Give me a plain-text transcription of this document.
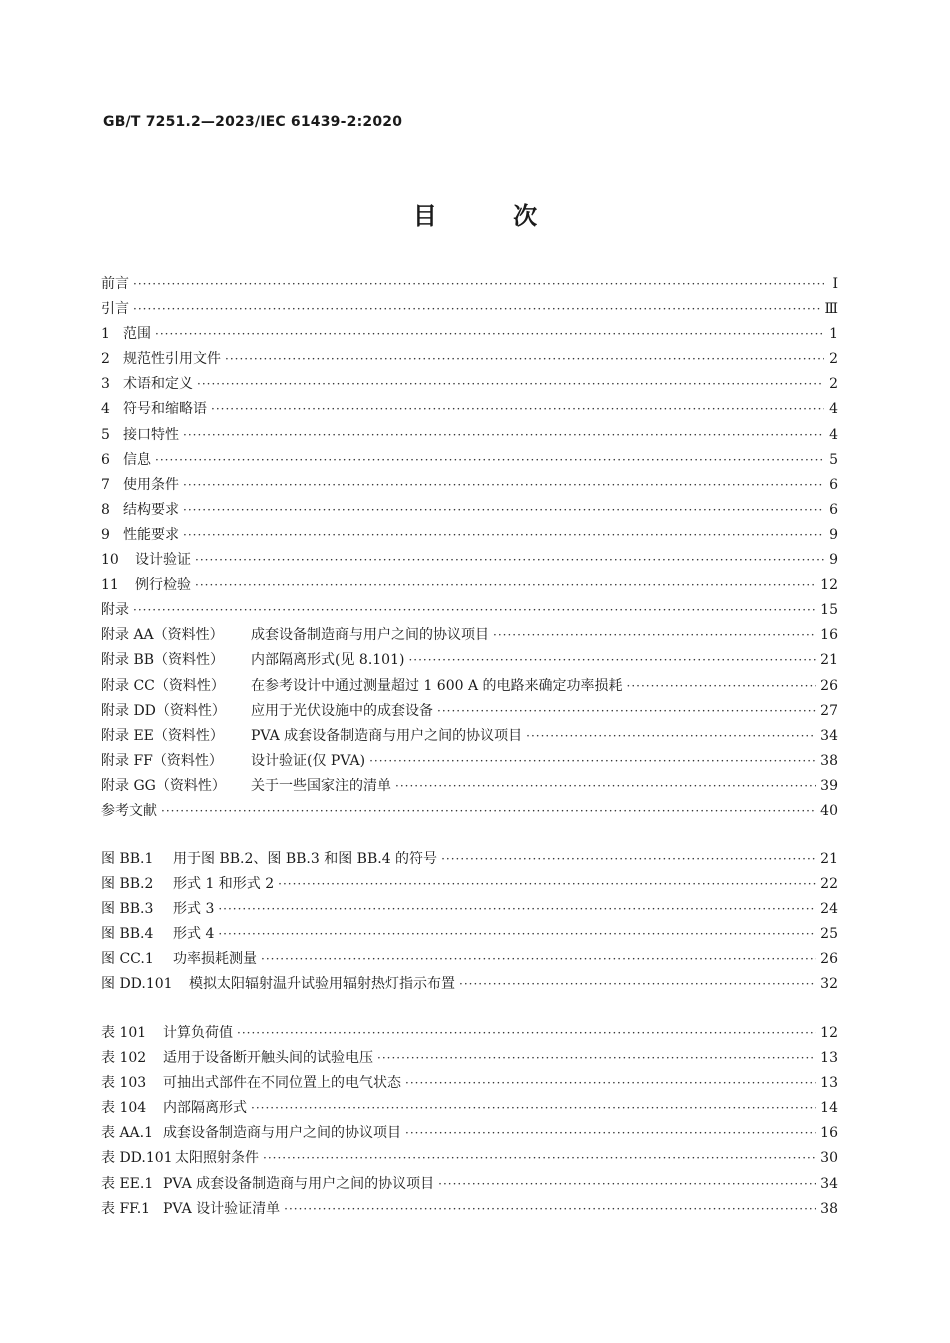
GB/T 7251.2—2023/IEC 61439-2:2020
目 次
前言 ·····	Ⅰ
引言 ·····	Ⅲ
1 范围 ·····	1
2 规范性引用文件 ·····	2
3 术语和定义 ·····	2
4 符号和缩略语 ·····	4
5 接口特性 ·····	4
6 信息 ·····	5
7 使用条件 ·····	6
8 结构要求 ·····	6
9 性能要求 ·····	9
10	设计验证 ·····	9
11	例行检验 ·····	12
附录 ·····	15
附录 AA（资料性）	成套设备制造商与用户之间的协议项目 ·····	16
附录 BB（资料性）	内部隔离形式(见 8.101) ·····	21
附录 CC（资料性）	在参考设计中通过测量超过 1 600 A 的电路来确定功率损耗 ·····	26
附录 DD（资料性）	应用于光伏设施中的成套设备 ·····	27
附录 EE（资料性）	PVA 成套设备制造商与用户之间的协议项目 ·····	34
附录 FF（资料性）	设计验证(仅 PVA) ·····	38
附录 GG（资料性）	关于一些国家注的清单 ·····	39
参考文献 ·····	40
图 BB.1	用于图 BB.2、图 BB.3 和图 BB.4 的符号 ·····	21
图 BB.2	形式 1 和形式 2 ·····	22
图 BB.3	形式 3 ·····	24
图 BB.4	形式 4 ·····	25
图 CC.1	功率损耗测量 ·····	26
图 DD.101	模拟太阳辐射温升试验用辐射热灯指示布置 ·····	32
表 101	计算负荷值 ·····	12
表 102	适用于设备断开触头间的试验电压 ·····	13
表 103	可抽出式部件在不同位置上的电气状态 ·····	13
表 104	内部隔离形式 ·····	14
表 AA.1 成套设备制造商与用户之间的协议项目 ·····	16
表 DD.101 太阳照射条件 ·····	30
表 EE.1 PVA 成套设备制造商与用户之间的协议项目 ·····	34
表 FF.1 PVA 设计验证清单 ·····	38
